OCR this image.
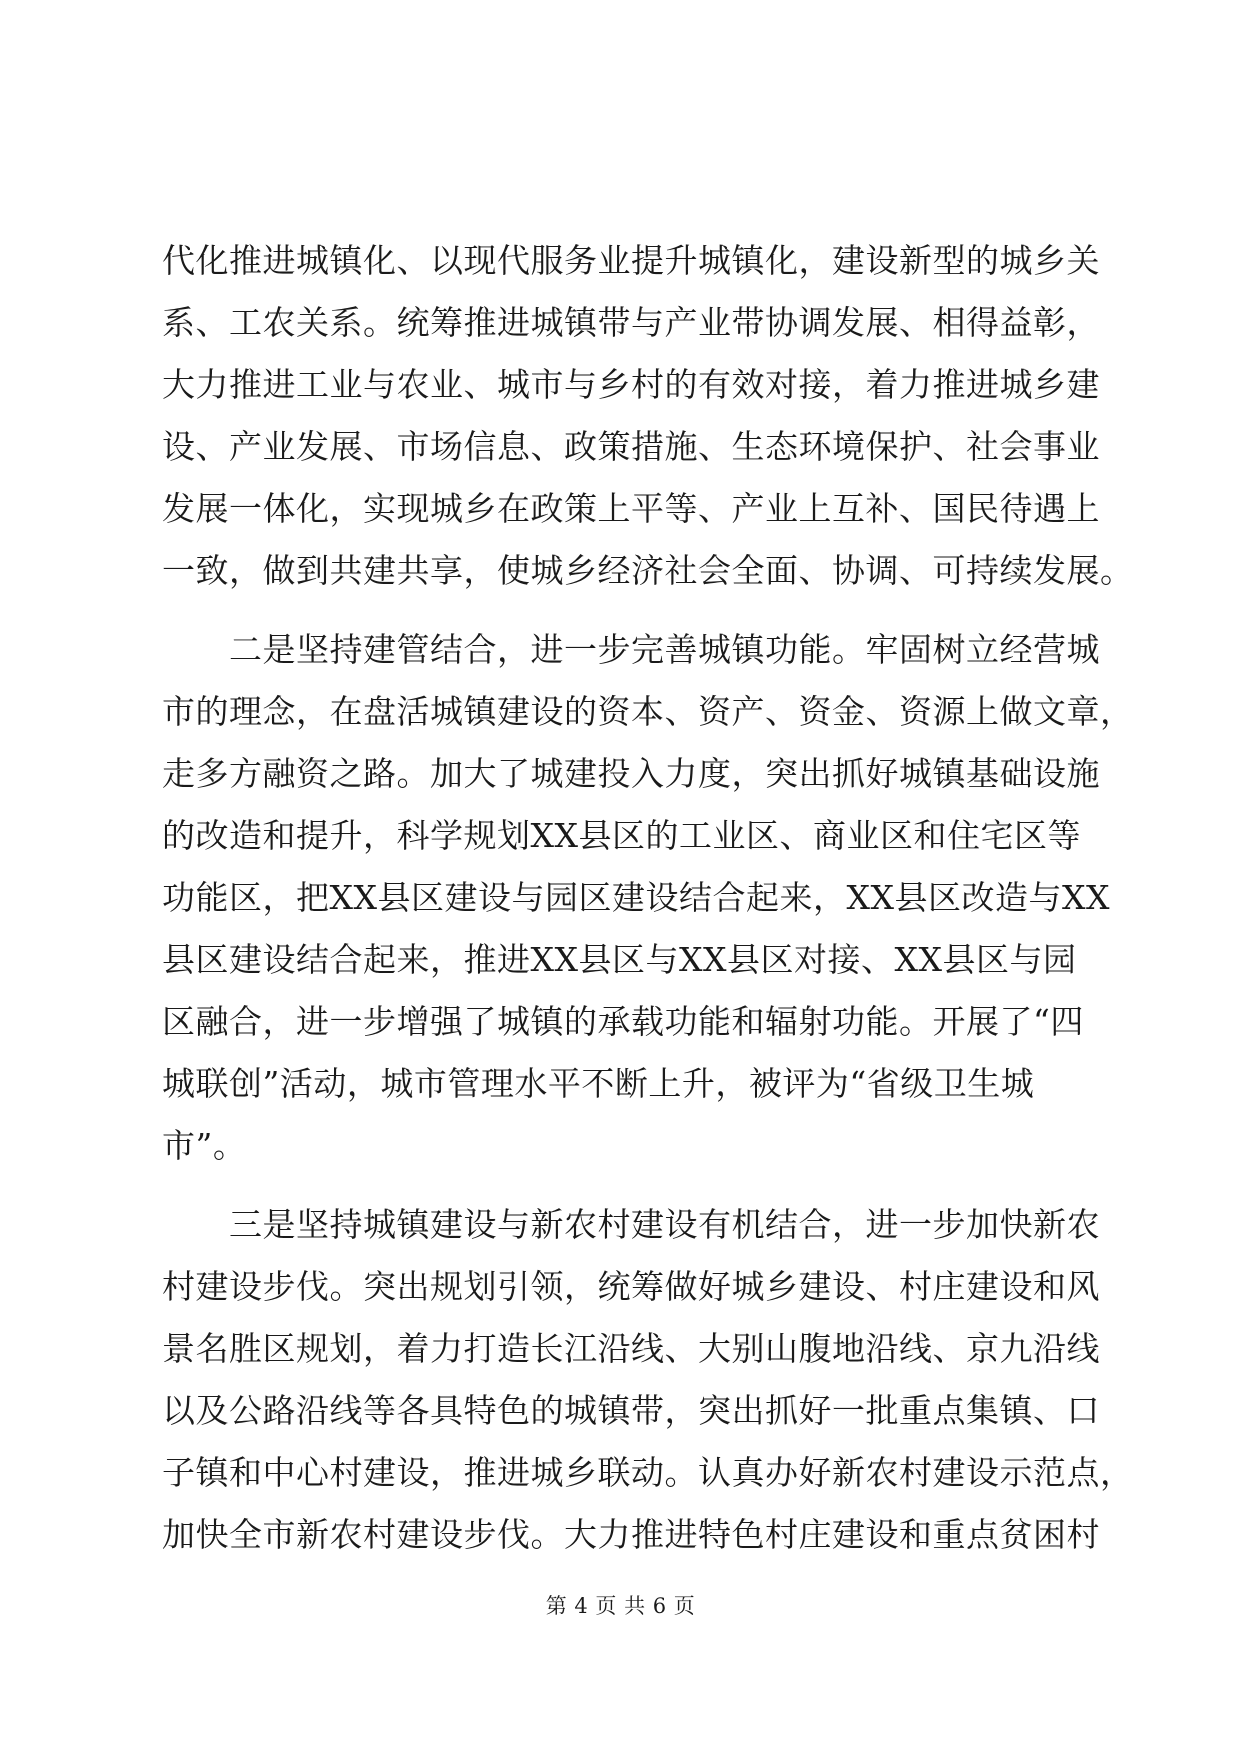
代化推进城镇化、以现代服务业提升城镇化，建设新型的城乡关
系、工农关系。统筹推进城镇带与产业带协调发展、相得益彰，
大力推进工业与农业、城市与乡村的有效对接，着力推进城乡建
设、产业发展、市场信息、政策措施、生态环境保护、社会事业
发展一体化，实现城乡在政策上平等、产业上互补、国民待遇上
一致，做到共建共享，使城乡经济社会全面、协调、可持续发展。
　　二是坚持建管结合，进一步完善城镇功能。牢固树立经营城
市的理念，在盘活城镇建设的资本、资产、资金、资源上做文章，
走多方融资之路。加大了城建投入力度，突出抓好城镇基础设施
的改造和提升，科学规划XX县区的工业区、商业区和住宅区等
功能区，把XX县区建设与园区建设结合起来，XX县区改造与XX
县区建设结合起来，推进XX县区与XX县区对接、XX县区与园
区融合，进一步增强了城镇的承载功能和辐射功能。开展了“四
城联创”活动，城市管理水平不断上升，被评为“省级卫生城
市”。
　　三是坚持城镇建设与新农村建设有机结合，进一步加快新农
村建设步伐。突出规划引领，统筹做好城乡建设、村庄建设和风
景名胜区规划，着力打造长江沿线、大别山腹地沿线、京九沿线
以及公路沿线等各具特色的城镇带，突出抓好一批重点集镇、口
子镇和中心村建设，推进城乡联动。认真办好新农村建设示范点，
加快全市新农村建设步伐。大力推进特色村庄建设和重点贫困村
第 4 页 共 6 页
